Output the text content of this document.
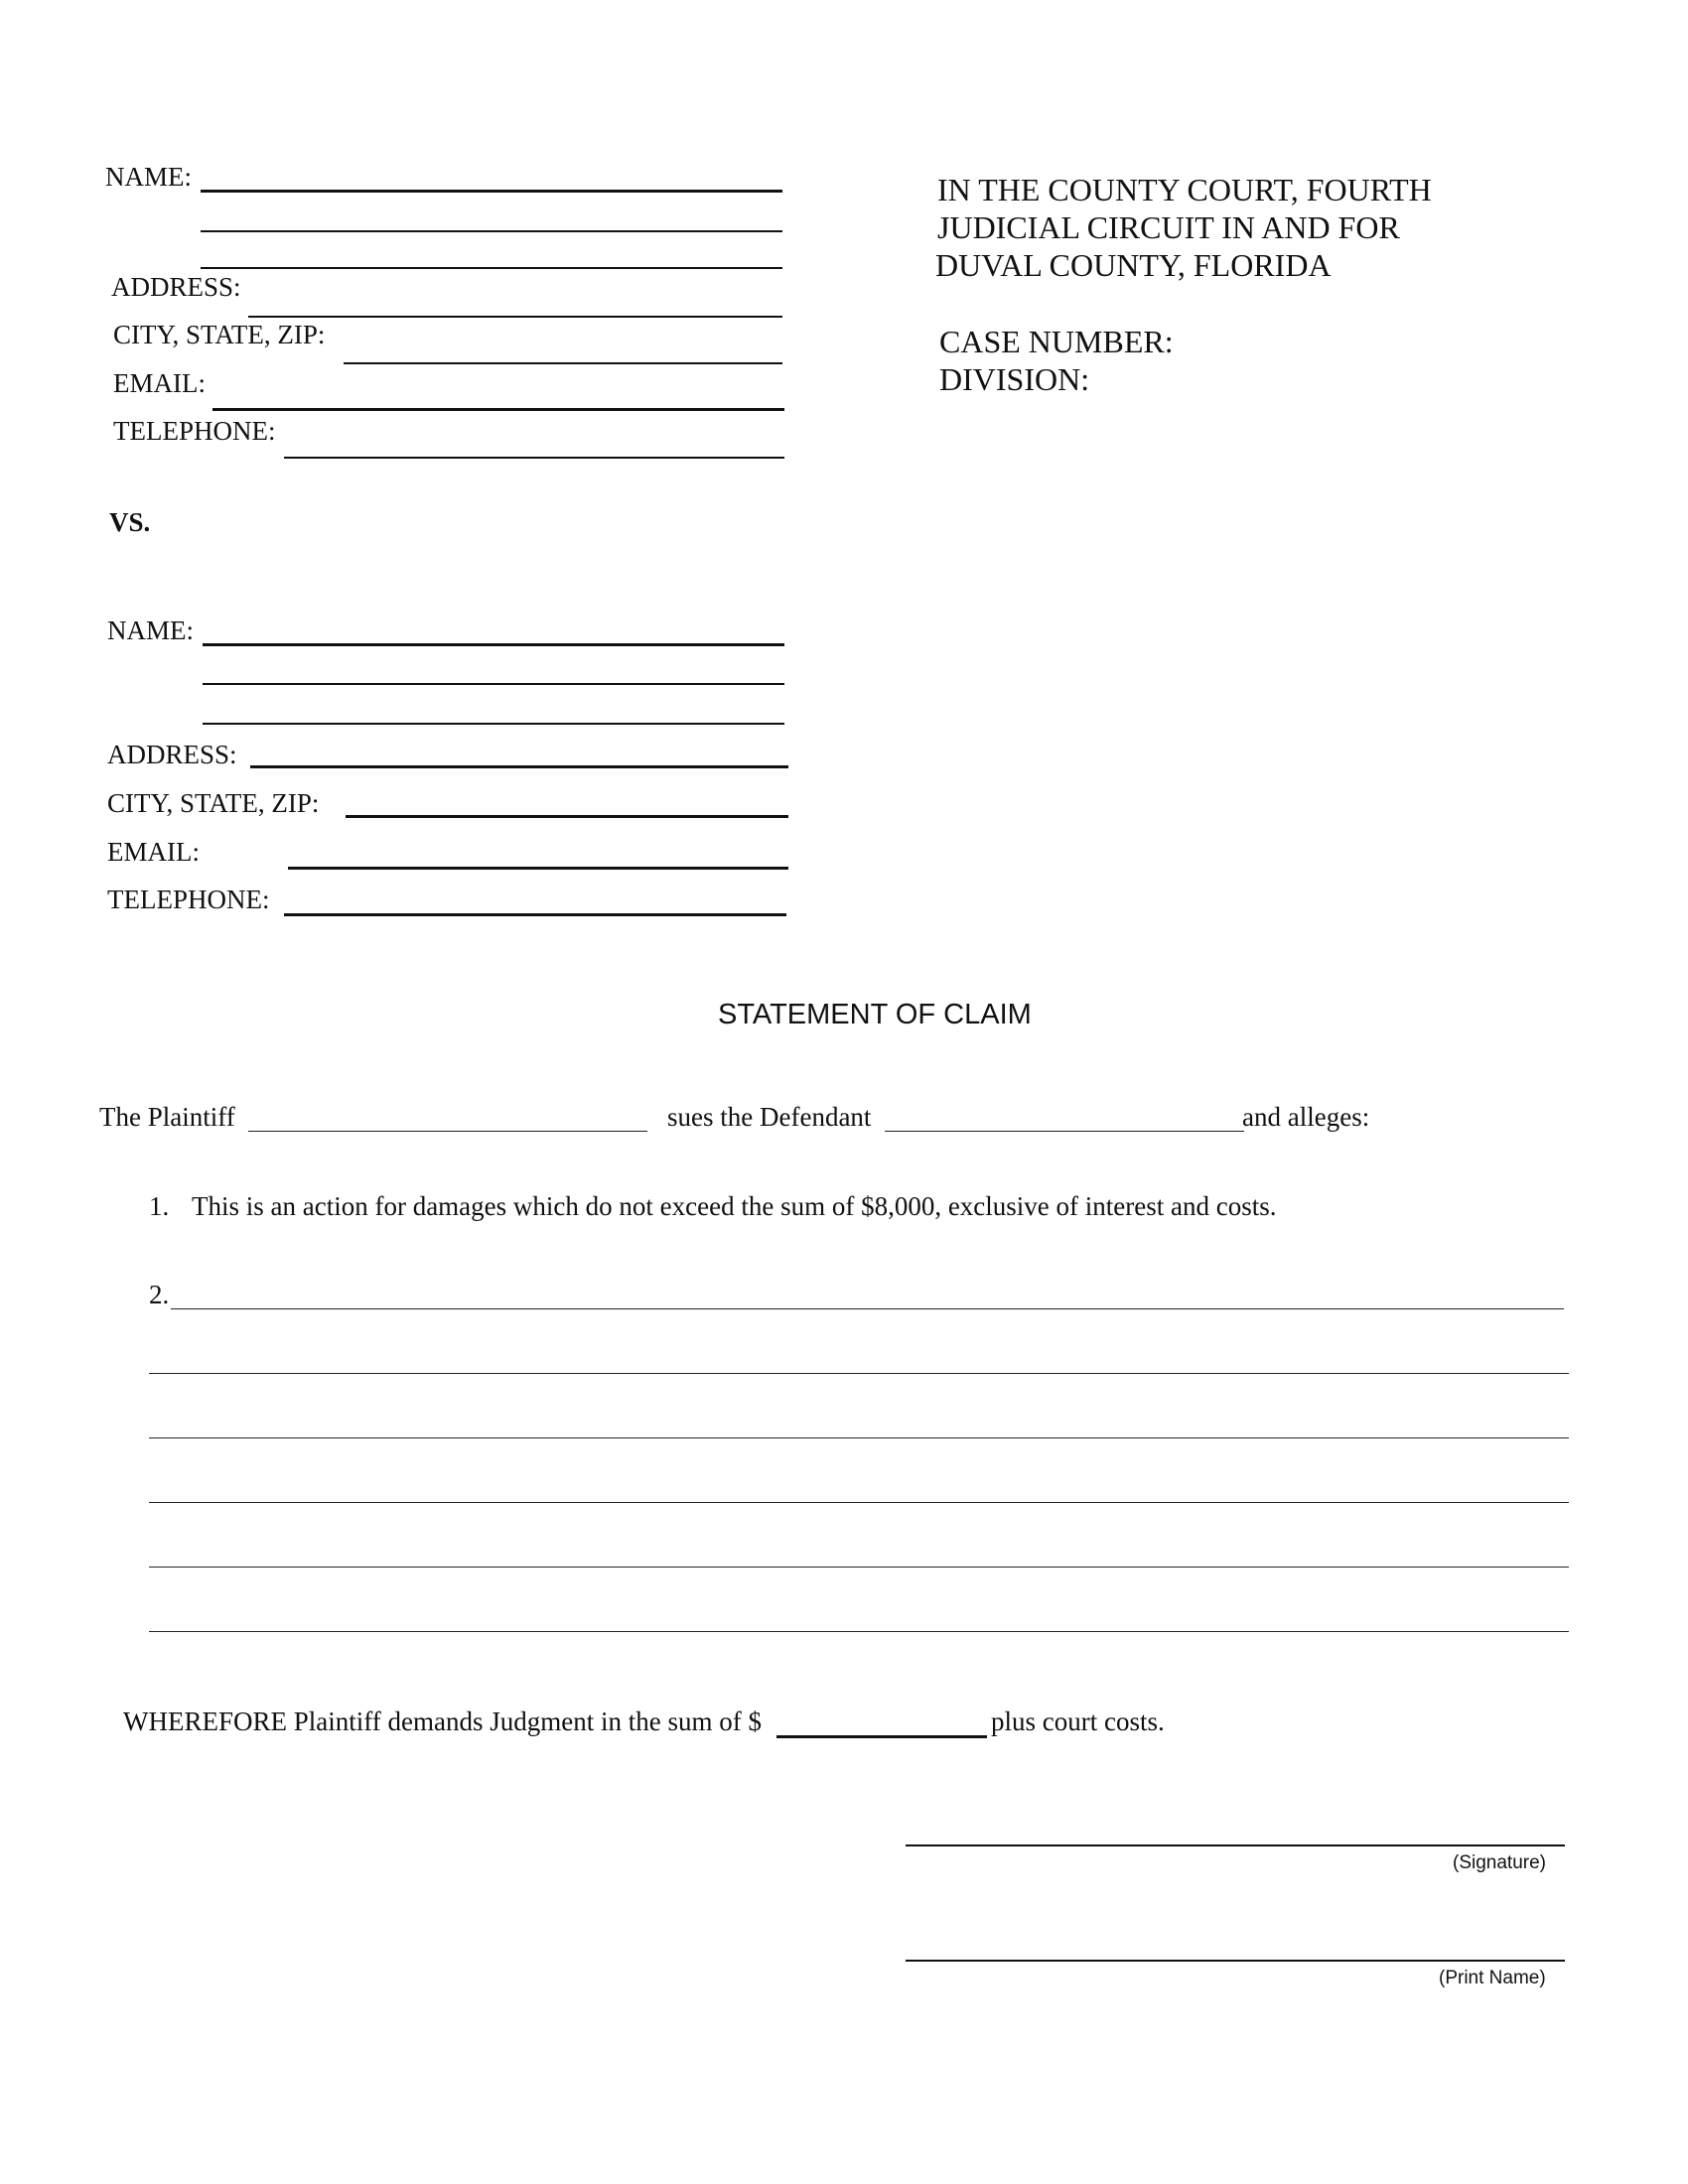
NAME:
ADDRESS:
CITY, STATE, ZIP:
EMAIL:
TELEPHONE:
VS.
NAME:
ADDRESS:
CITY, STATE, ZIP:
EMAIL:
TELEPHONE:
IN THE COUNTY COURT, FOURTH
JUDICIAL CIRCUIT IN AND FOR
DUVAL COUNTY, FLORIDA
CASE NUMBER:
DIVISION:
STATEMENT OF CLAIM
The Plaintiff	sues the Defendant	and alleges:
1. This is an action for damages which do not exceed the sum of $8,000, exclusive of interest and costs.
2.
WHEREFORE Plaintiff demands Judgment in the sum of $	plus court costs.
(Signature)
(Print Name)
